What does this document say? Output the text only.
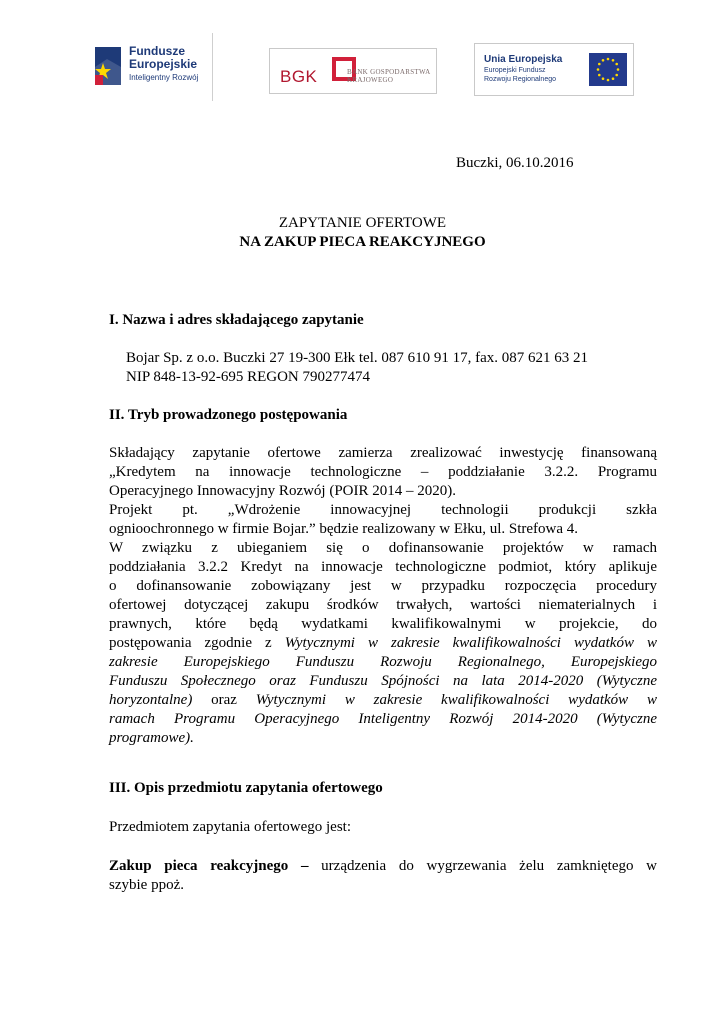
Fundusze
Europejskie
Inteligentny Rozwój	BGK	BANK GOSPODARSTWA
KRAJOWEGO
Unia Europejska
Europejski Fundusz
Rozwoju Regionalnego
Buczki, 06.10.2016
ZAPYTANIE OFERTOWE
NA ZAKUP PIECA REAKCYJNEGO
I. Nazwa i adres składającego zapytanie
Bojar Sp. z o.o. Buczki 27 19-300 Ełk tel. 087 610 91 17, fax. 087 621 63 21
NIP 848-13-92-695 REGON 790277474
II. Tryb prowadzonego postępowania
Składający zapytanie ofertowe zamierza zrealizować inwestycję finansowaną
„Kredytem na innowacje technologiczne – poddziałanie 3.2.2. Programu
Operacyjnego Innowacyjny Rozwój (POIR 2014 – 2020).
Projekt pt. „Wdrożenie innowacyjnej technologii produkcji szkła
ognioochronnego w firmie Bojar.” będzie realizowany w Ełku, ul. Strefowa 4.
W związku z ubieganiem się o dofinansowanie projektów w ramach
poddziałania 3.2.2 Kredyt na innowacje technologiczne podmiot, który aplikuje
o dofinansowanie zobowiązany jest w przypadku rozpoczęcia procedury
ofertowej dotyczącej zakupu środków trwałych, wartości niematerialnych i
prawnych, które będą wydatkami kwalifikowalnymi w projekcie, do
postępowania zgodnie z Wytycznymi w zakresie kwalifikowalności wydatków w
zakresie Europejskiego Funduszu Rozwoju Regionalnego, Europejskiego
Funduszu Społecznego oraz Funduszu Spójności na lata 2014-2020 (Wytyczne
horyzontalne) oraz Wytycznymi w zakresie kwalifikowalności wydatków w
ramach Programu Operacyjnego Inteligentny Rozwój 2014-2020 (Wytyczne
programowe).
III. Opis przedmiotu zapytania ofertowego
Przedmiotem zapytania ofertowego jest:
Zakup pieca reakcyjnego – urządzenia do wygrzewania żelu zamkniętego w
szybie ppoż.
